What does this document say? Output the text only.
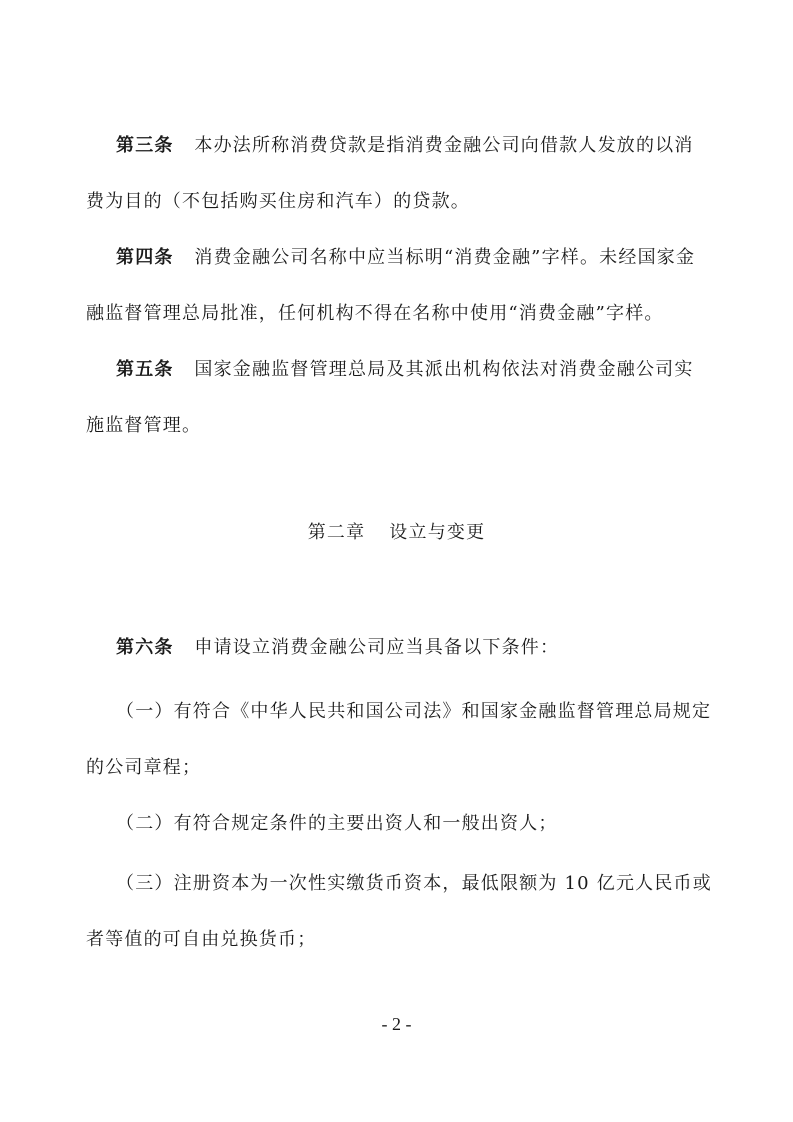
第三条 本办法所称消费贷款是指消费金融公司向借款人发放的以消费为目的（不包括购买住房和汽车）的贷款。

第四条 消费金融公司名称中应当标明“消费金融”字样。未经国家金融监督管理总局批准，任何机构不得在名称中使用“消费金融”字样。

第五条 国家金融监督管理总局及其派出机构依法对消费金融公司实施监督管理。

第二章 设立与变更

第六条 申请设立消费金融公司应当具备以下条件：

（一）有符合《中华人民共和国公司法》和国家金融监督管理总局规定的公司章程；

（二）有符合规定条件的主要出资人和一般出资人；

（三）注册资本为一次性实缴货币资本，最低限额为 10 亿元人民币或者等值的可自由兑换货币；

- 2 -
